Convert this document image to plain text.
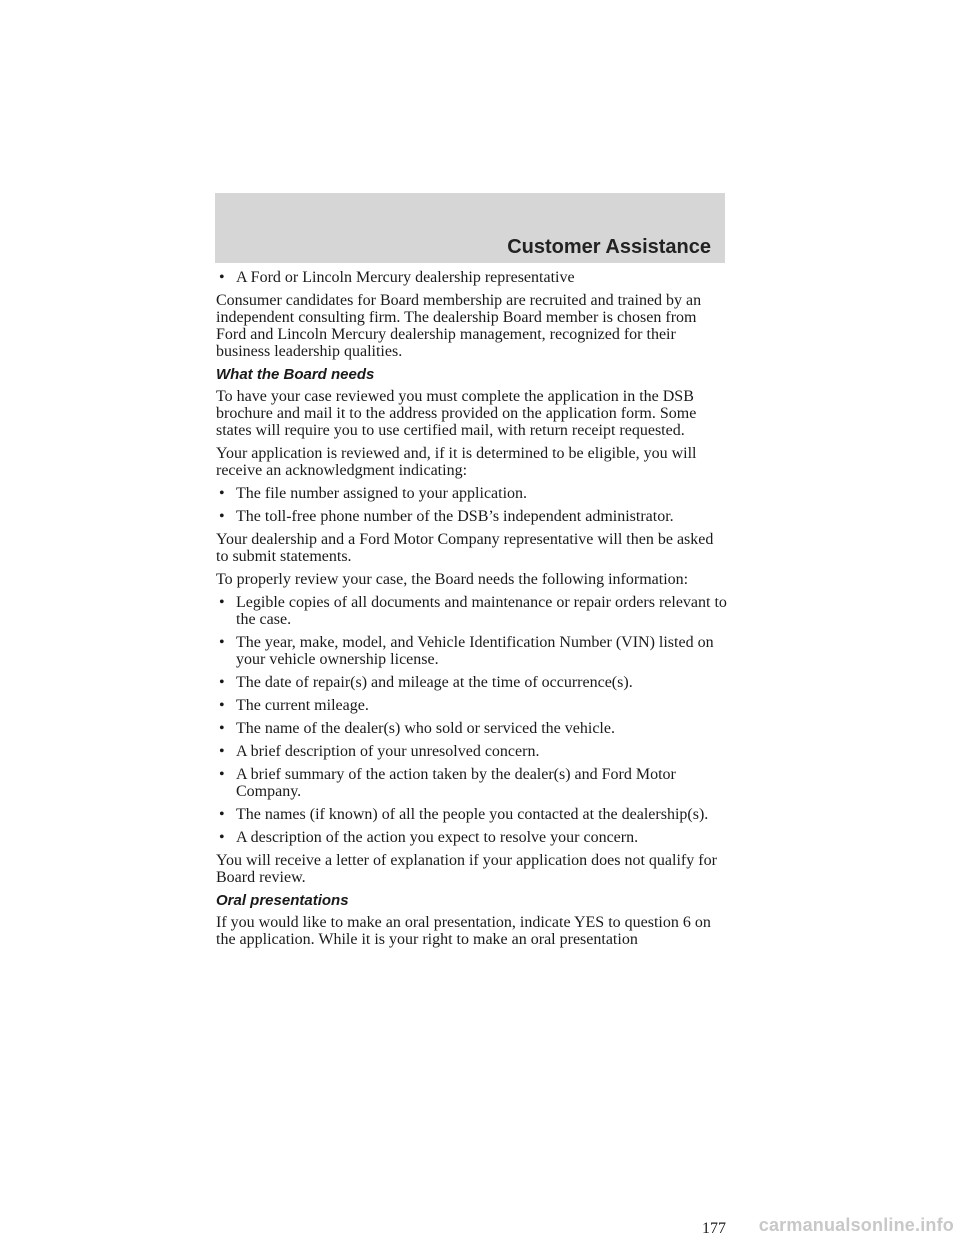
Customer Assistance
• A Ford or Lincoln Mercury dealership representative

Consumer candidates for Board membership are recruited and trained by an independent consulting firm. The dealership Board member is chosen from Ford and Lincoln Mercury dealership management, recognized for their business leadership qualities.

What the Board needs

To have your case reviewed you must complete the application in the DSB brochure and mail it to the address provided on the application form. Some states will require you to use certified mail, with return receipt requested.

Your application is reviewed and, if it is determined to be eligible, you will receive an acknowledgment indicating:

• The file number assigned to your application.
• The toll-free phone number of the DSB’s independent administrator.

Your dealership and a Ford Motor Company representative will then be asked to submit statements.

To properly review your case, the Board needs the following information:

• Legible copies of all documents and maintenance or repair orders relevant to the case.
• The year, make, model, and Vehicle Identification Number (VIN) listed on your vehicle ownership license.
• The date of repair(s) and mileage at the time of occurrence(s).
• The current mileage.
• The name of the dealer(s) who sold or serviced the vehicle.
• A brief description of your unresolved concern.
• A brief summary of the action taken by the dealer(s) and Ford Motor Company.
• The names (if known) of all the people you contacted at the dealership(s).
• A description of the action you expect to resolve your concern.

You will receive a letter of explanation if your application does not qualify for Board review.

Oral presentations

If you would like to make an oral presentation, indicate YES to question 6 on the application. While it is your right to make an oral presentation

177 carmanualsonline.info
